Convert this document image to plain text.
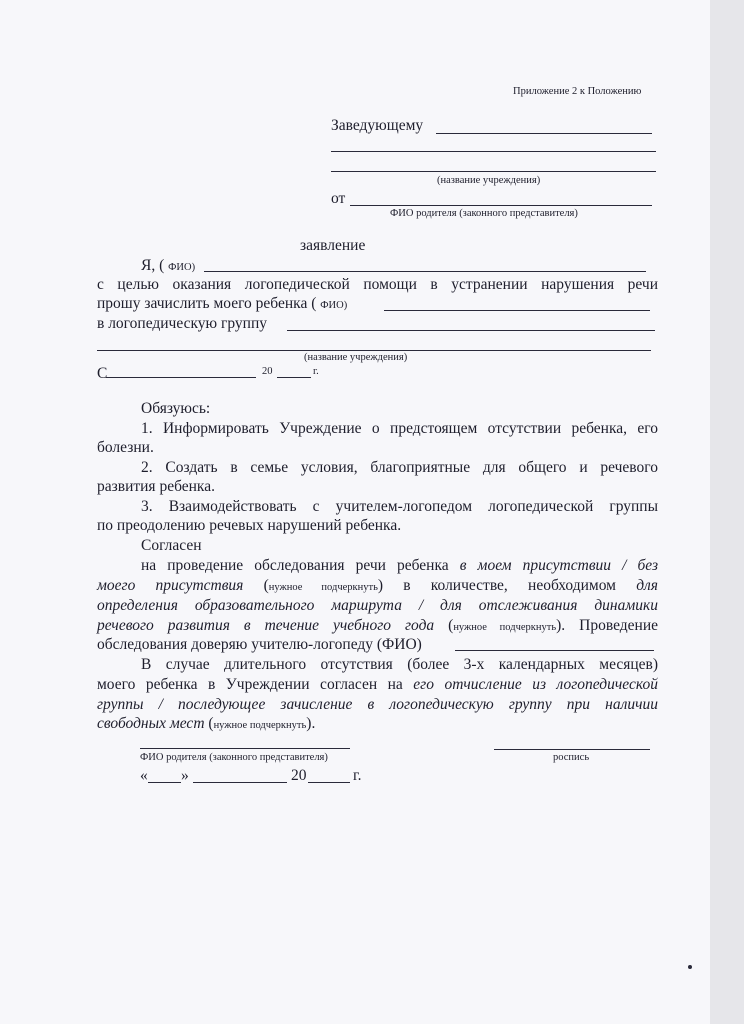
Приложение 2 к Положению
Заведующему
(название учреждения)
от
ФИО родителя (законного представителя)
заявление
Я, ( ФИО)
с целью оказания логопедической помощи в устранении нарушения речи
прошу зачислить моего ребенка ( ФИО)
в логопедическую группу
(название учреждения)
С	20	г.
Обязуюсь:
1. Информировать Учреждение о предстоящем отсутствии ребенка, его
болезни.
2. Создать в семье условия, благоприятные для общего и речевого
развития ребенка.
3. Взаимодействовать с учителем-логопедом логопедической группы
по преодолению речевых нарушений ребенка.
Согласен
на проведение обследования речи ребенка в моем присутствии / без
моего присутствия (нужное подчеркнуть) в количестве, необходимом для
определения образовательного маршрута / для отслеживания динамики
речевого развития в течение учебного года (нужное подчеркнуть). Проведение
обследования доверяю учителю-логопеду (ФИО)
В случае длительного отсутствия (более 3-х календарных месяцев)
моего ребенка в Учреждении согласен на его отчисление из логопедической
группы / последующее зачисление в логопедическую группу при наличии
свободных мест (нужное подчеркнуть).
ФИО родителя (законного представителя)	роспись
« »	20	г.
